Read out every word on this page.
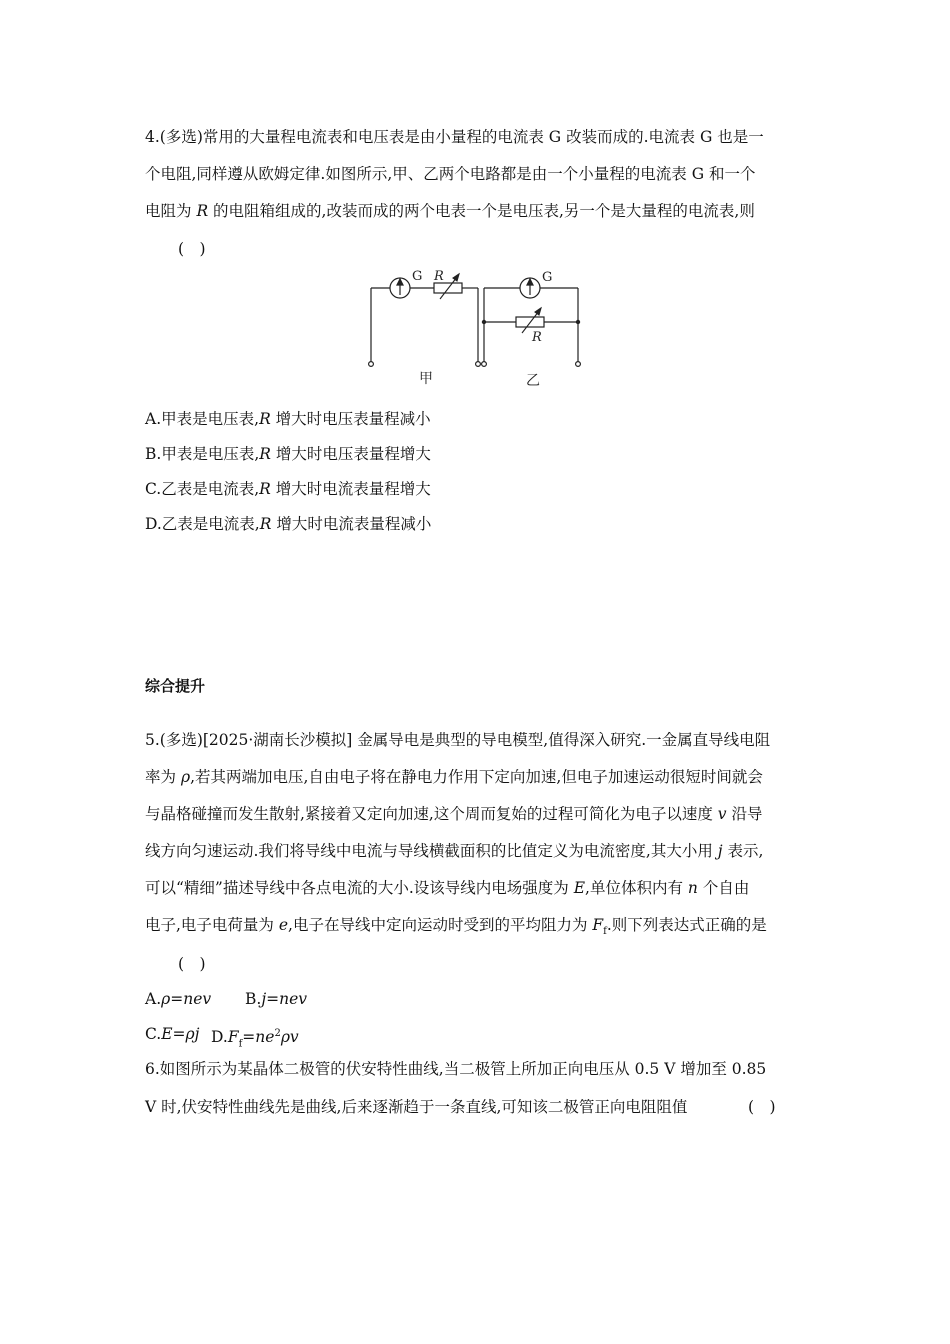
4.(多选)常用的大量程电流表和电压表是由小量程的电流表 G 改装而成的.电流表 G 也是一
个电阻,同样遵从欧姆定律.如图所示,甲、乙两个电路都是由一个小量程的电流表 G 和一个
电阻为 R 的电阻箱组成的,改装而成的两个电表一个是电压表,另一个是大量程的电流表,则
(　)
G R	G
R
甲	乙
A.甲表是电压表,R 增大时电压表量程减小
B.甲表是电压表,R 增大时电压表量程增大
C.乙表是电流表,R 增大时电流表量程增大
D.乙表是电流表,R 增大时电流表量程减小
综合提升
5.(多选)[2025·湖南长沙模拟] 金属导电是典型的导电模型,值得深入研究.一金属直导线电阻
率为 ρ,若其两端加电压,自由电子将在静电力作用下定向加速,但电子加速运动很短时间就会
与晶格碰撞而发生散射,紧接着又定向加速,这个周而复始的过程可简化为电子以速度 v 沿导
线方向匀速运动.我们将导线中电流与导线横截面积的比值定义为电流密度,其大小用 j 表示,
可以“精细”描述导线中各点电流的大小.设该导线内电场强度为 E,单位体积内有 n 个自由
电子,电子电荷量为 e,电子在导线中定向运动时受到的平均阻力为 $F_f$.则下列表达式正确的是
(　)
A.ρ=nev B.j=nev
C.E=ρj $D.F_f=ne^2\rho v$
6.如图所示为某晶体二极管的伏安特性曲线,当二极管上所加正向电压从 0.5 V 增加至 0.85
V 时,伏安特性曲线先是曲线,后来逐渐趋于一条直线,可知该二极管正向电阻阻值	(　)
